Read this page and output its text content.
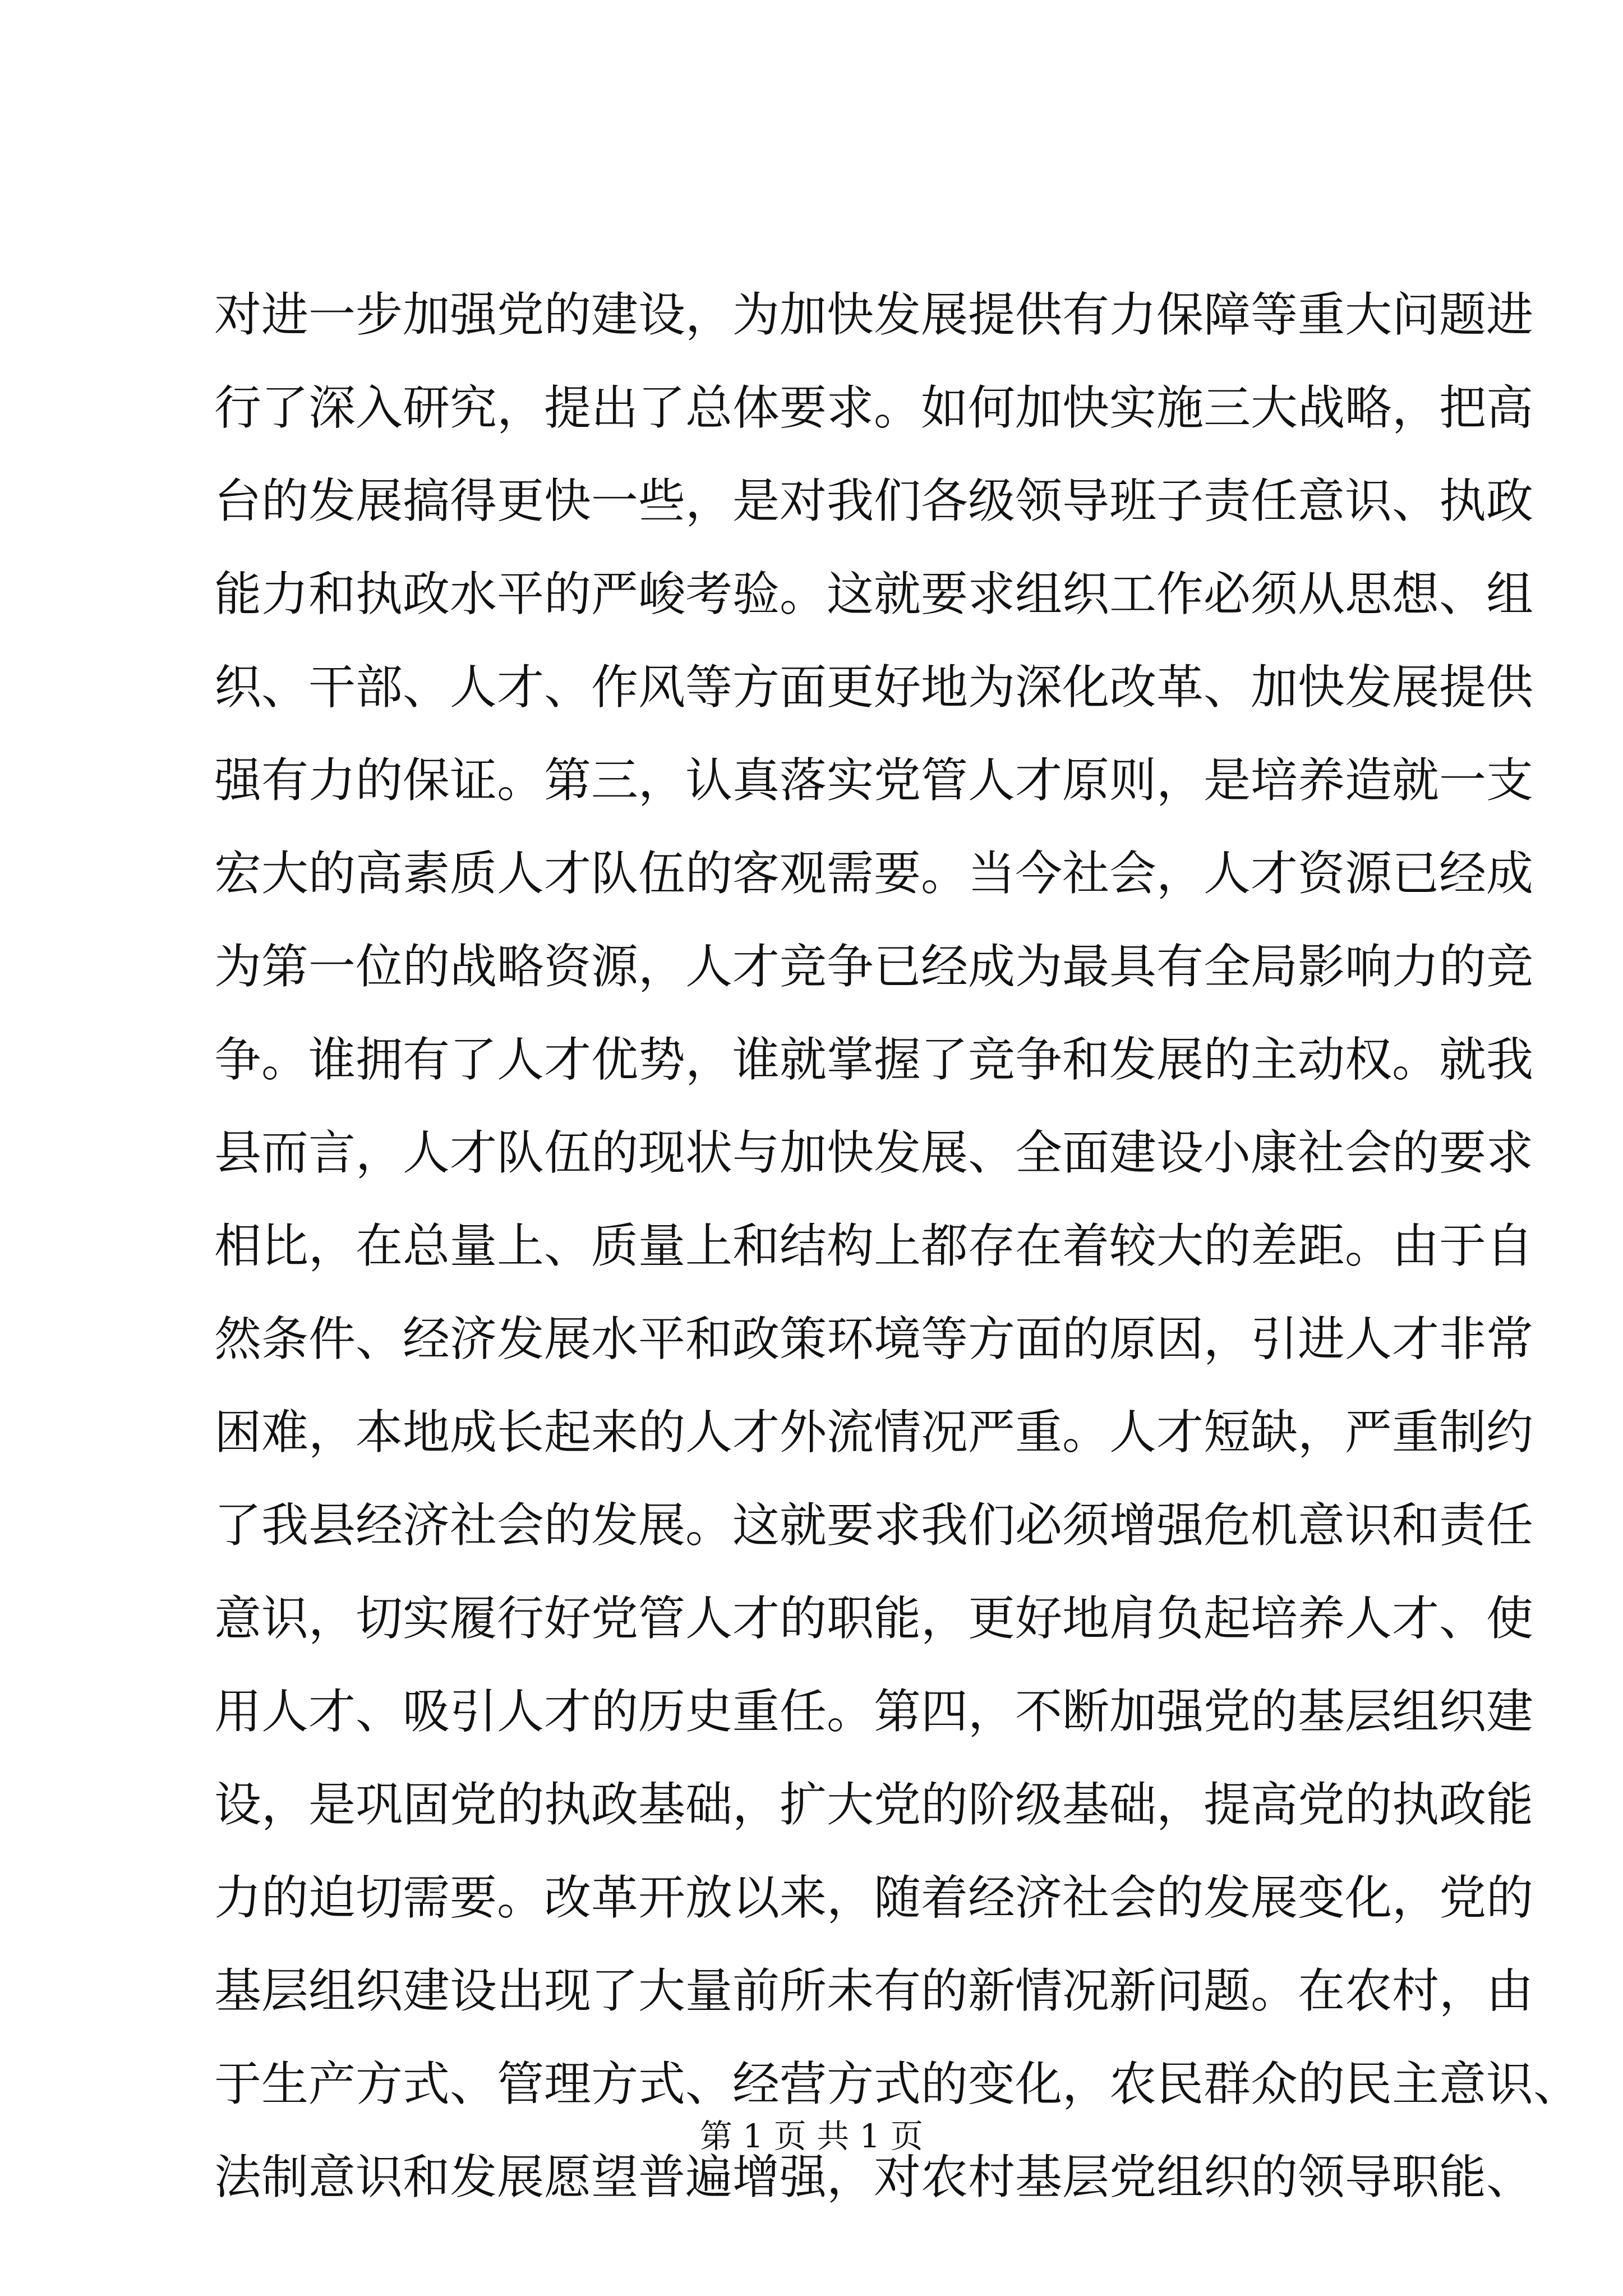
对进一步加强党的建设，为加快发展提供有力保障等重大问题进
行了深入研究，提出了总体要求。如何加快实施三大战略，把高
台的发展搞得更快一些，是对我们各级领导班子责任意识、执政
能力和执政水平的严峻考验。这就要求组织工作必须从思想、组
织、干部、人才、作风等方面更好地为深化改革、加快发展提供
强有力的保证。第三，认真落实党管人才原则，是培养造就一支
宏大的高素质人才队伍的客观需要。当今社会，人才资源已经成
为第一位的战略资源，人才竞争已经成为最具有全局影响力的竞
争。谁拥有了人才优势，谁就掌握了竞争和发展的主动权。就我
县而言，人才队伍的现状与加快发展、全面建设小康社会的要求
相比，在总量上、质量上和结构上都存在着较大的差距。由于自
然条件、经济发展水平和政策环境等方面的原因，引进人才非常
困难，本地成长起来的人才外流情况严重。人才短缺，严重制约
了我县经济社会的发展。这就要求我们必须增强危机意识和责任
意识，切实履行好党管人才的职能，更好地肩负起培养人才、使
用人才、吸引人才的历史重任。第四，不断加强党的基层组织建
设，是巩固党的执政基础，扩大党的阶级基础，提高党的执政能
力的迫切需要。改革开放以来，随着经济社会的发展变化，党的
基层组织建设出现了大量前所未有的新情况新问题。在农村，由
于生产方式、管理方式、经营方式的变化，农民群众的民主意识、
法制意识和发展愿望普遍增强，对农村基层党组织的领导职能、
第 1 页 共 1 页
